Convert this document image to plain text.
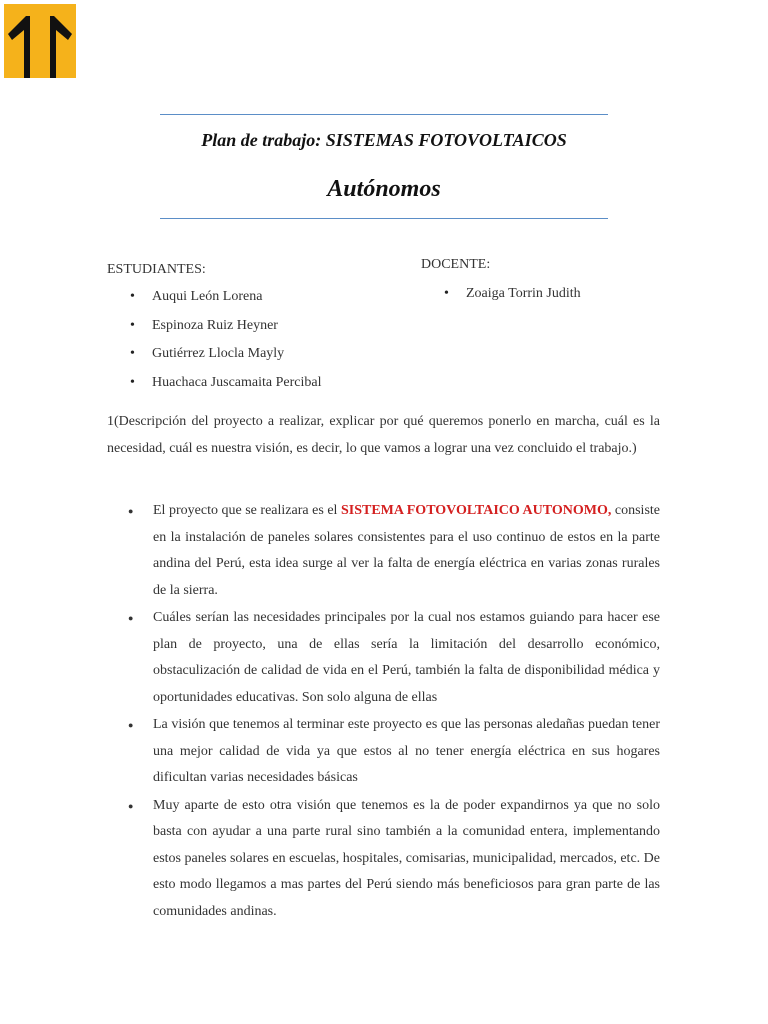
Plan de trabajo: SISTEMAS FOTOVOLTAICOS
Autónomos
ESTUDIANTES:
• Auqui León Lorena
• Espinoza Ruiz Heyner
• Gutiérrez Llocla Mayly
• Huachaca Juscamaita Percibal
DOCENTE:
• Zoaiga Torrin Judith

1(Descripción del proyecto a realizar, explicar por qué queremos ponerlo en marcha, cuál es la necesidad, cuál es nuestra visión, es decir, lo que vamos a lograr una vez concluido el trabajo.)

● El proyecto que se realizara es el SISTEMA FOTOVOLTAICO AUTONOMO, consiste en la instalación de paneles solares consistentes para el uso continuo de estos en la parte andina del Perú, esta idea surge al ver la falta de energía eléctrica en varias zonas rurales de la sierra.
● Cuáles serían las necesidades principales por la cual nos estamos guiando para hacer ese plan de proyecto, una de ellas sería la limitación del desarrollo económico, obstaculización de calidad de vida en el Perú, también la falta de disponibilidad médica y oportunidades educativas. Son solo alguna de ellas
● La visión que tenemos al terminar este proyecto es que las personas aledañas puedan tener una mejor calidad de vida ya que estos al no tener energía eléctrica en sus hogares dificultan varias necesidades básicas
● Muy aparte de esto otra visión que tenemos es la de poder expandirnos ya que no solo basta con ayudar a una parte rural sino también a la comunidad entera, implementando estos paneles solares en escuelas, hospitales, comisarias, municipalidad, mercados, etc. De esto modo llegamos a mas partes del Perú siendo más beneficiosos para gran parte de las comunidades andinas.
